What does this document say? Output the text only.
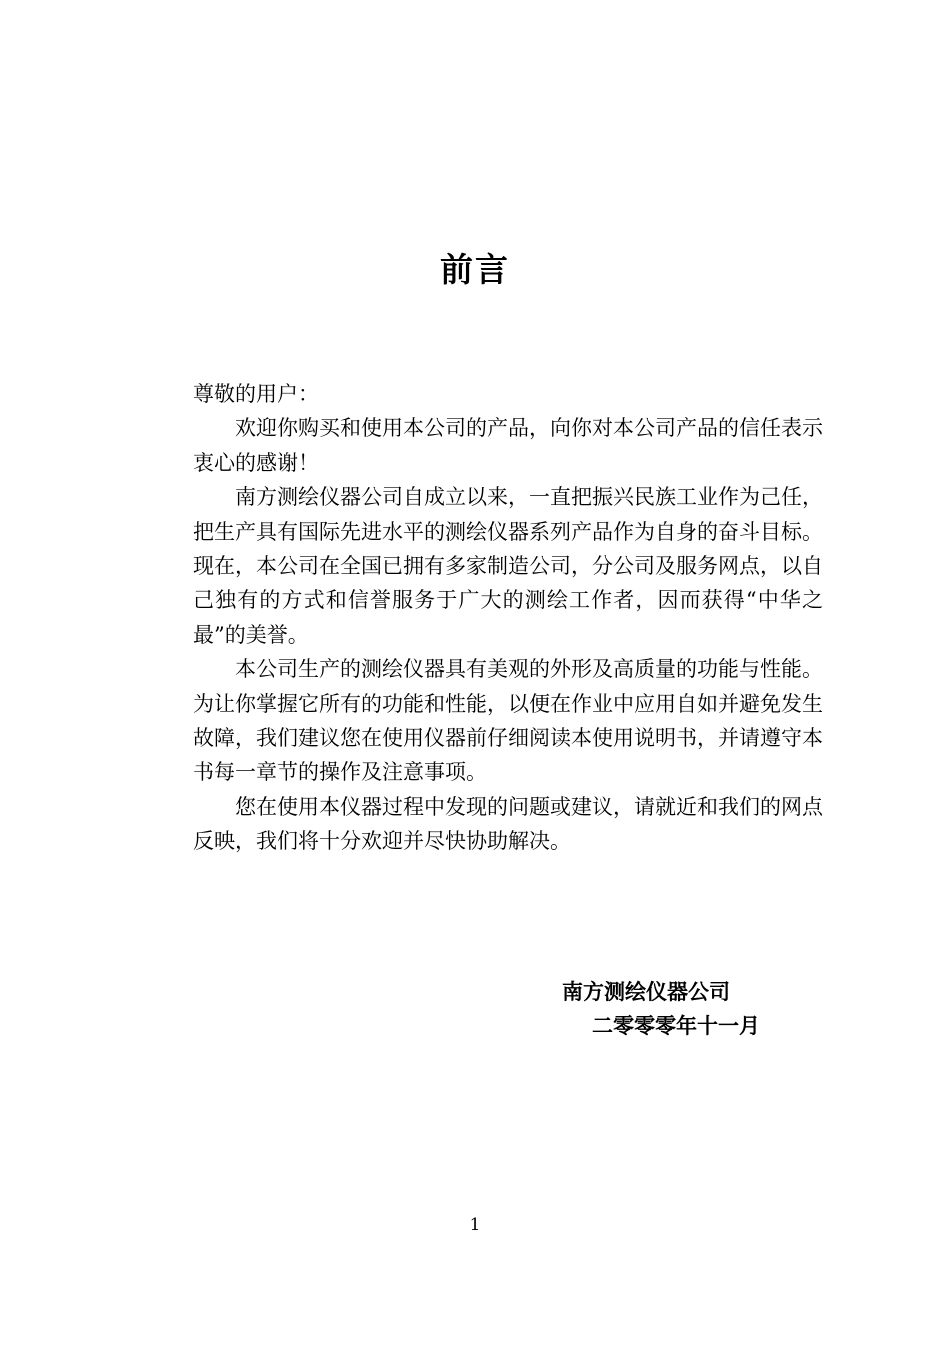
前言

尊敬的用户：

欢迎你购买和使用本公司的产品，向你对本公司产品的信任表示衷心的感谢！

南方测绘仪器公司自成立以来，一直把振兴民族工业作为己任，把生产具有国际先进水平的测绘仪器系列产品作为自身的奋斗目标。现在，本公司在全国已拥有多家制造公司，分公司及服务网点，以自己独有的方式和信誉服务于广大的测绘工作者，因而获得“中华之最”的美誉。

本公司生产的测绘仪器具有美观的外形及高质量的功能与性能。为让你掌握它所有的功能和性能，以便在作业中应用自如并避免发生故障，我们建议您在使用仪器前仔细阅读本使用说明书，并请遵守本书每一章节的操作及注意事项。

您在使用本仪器过程中发现的问题或建议，请就近和我们的网点反映，我们将十分欢迎并尽快协助解决。

南方测绘仪器公司
二零零零年十一月
1
